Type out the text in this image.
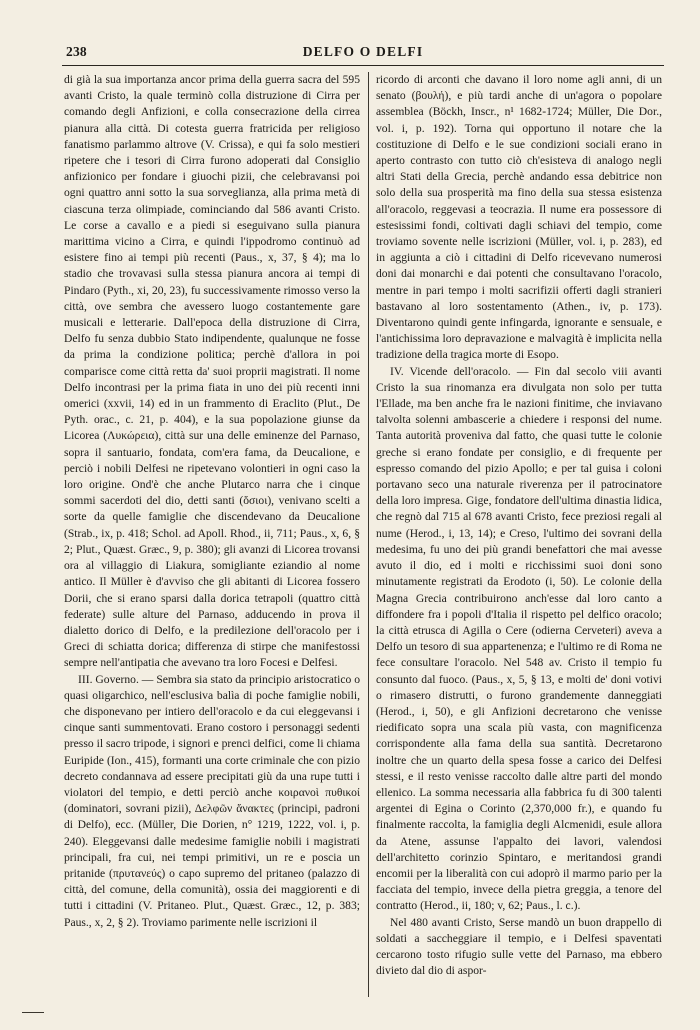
238	DELFO O DELFI

di già la sua importanza ancor prima della guerra sacra del 595 avanti Cristo, la quale terminò colla distruzione di Cirra per comando degli Anfizioni, e colla consecrazione della cirrea pianura alla città. Di cotesta guerra fratricida per religioso fanatismo parlammo altrove (V. Crissa), e qui fa solo mestieri ripetere che i tesori di Cirra furono adoperati dal Consiglio anfizionico per fondare i giuochi pizii, che celebravansi poi ogni quattro anni sotto la sua sorveglianza, alla prima metà di ciascuna terza olimpiade, cominciando dal 586 avanti Cristo. Le corse a cavallo e a piedi si eseguivano sulla pianura marittima vicino a Cirra, e quindi l'ippodromo continuò ad esistere fino ai tempi più recenti (Paus., x, 37, § 4); ma lo stadio che trovavasi sulla stessa pianura ancora ai tempi di Pindaro (Pyth., xi, 20, 23), fu successivamente rimosso verso la città, ove sembra che avessero luogo costantemente gare musicali e letterarie. Dall'epoca della distruzione di Cirra, Delfo fu senza dubbio Stato indipendente, qualunque ne fosse da prima la condizione politica; perchè d'allora in poi comparisce come città retta da' suoi proprii magistrati. Il nome Delfo incontrasi per la prima fiata in uno dei più recenti inni omerici (xxvii, 14) ed in un frammento di Eraclito (Plut., De Pyth. orac., c. 21, p. 404), e la sua popolazione giunse da Licorea (Λυκώρεια), città sur una delle eminenze del Parnaso, sopra il santuario, fondata, com'era fama, da Deucalione, e perciò i nobili Delfesi ne ripetevano volontieri in ogni caso la loro origine. Ond'è che anche Plutarco narra che i cinque sommi sacerdoti del dio, detti santi (ὅσιοι), venivano scelti a sorte da quelle famiglie che discendevano da Deucalione (Strab., ix, p. 418; Schol. ad Apoll. Rhod., ii, 711; Paus., x, 6, § 2; Plut., Quæst. Græc., 9, p. 380); gli avanzi di Licorea trovansi ora al villaggio di Liakura, somigliante eziandio al nome antico. Il Müller è d'avviso che gli abitanti di Licorea fossero Dorii, che si erano sparsi dalla dorica tetrapoli (quattro città federate) sulle alture del Parnaso, adducendo in prova il dialetto dorico di Delfo, e la predilezione dell'oracolo per i Greci di schiatta dorica; differenza di stirpe che manifestossi sempre nell'antipatia che avevano tra loro Focesi e Delfesi.

III. Governo. — Sembra sia stato da principio aristocratico o quasi oligarchico, nell'esclusiva balìa di poche famiglie nobili, che disponevano per intiero dell'oracolo e da cui eleggevansi i cinque santi summentovati. Erano costoro i personaggi sedenti presso il sacro tripode, i signori e prenci delfici, come li chiama Euripide (Ion., 415), formanti una corte criminale che con pizio decreto condannava ad essere precipitati giù da una rupe tutti i violatori del tempio, e detti perciò anche κοιρανοὶ πυθικοί (dominatori, sovrani pizii), Δελφῶν ἄνακτες (principi, padroni di Delfo), ecc. (Müller, Die Dorien, n° 1219, 1222, vol. i, p. 240). Eleggevansi dalle medesime famiglie nobili i magistrati principali, fra cui, nei tempi primitivi, un re e poscia un pritanide (πρυτανεύς) o capo supremo del pritaneo (palazzo di città, del comune, della comunità), ossia dei maggiorenti e di tutti i cittadini (V. Pritaneo. Plut., Quæst. Græc., 12, p. 383; Paus., x, 2, § 2). Troviamo parimente nelle iscrizioni il

ricordo di arconti che davano il loro nome agli anni, di un senato (βουλή), e più tardi anche di un'agora o popolare assemblea (Böckh, Inscr., n¹ 1682-1724; Müller, Die Dor., vol. i, p. 192). Torna qui opportuno il notare che la costituzione di Delfo e le sue condizioni sociali erano in aperto contrasto con tutto ciò ch'esisteva di analogo negli altri Stati della Grecia, perchè andando essa debitrice non solo della sua prosperità ma fino della sua stessa esistenza all'oracolo, reggevasi a teocrazia. Il nume era possessore di estesissimi fondi, coltivati dagli schiavi del tempio, come troviamo sovente nelle iscrizioni (Müller, vol. i, p. 283), ed in aggiunta a ciò i cittadini di Delfo ricevevano numerosi doni dai monarchi e dai potenti che consultavano l'oracolo, mentre in pari tempo i molti sacrifizii offerti dagli stranieri bastavano al loro sostentamento (Athen., iv, p. 173). Diventarono quindi gente infingarda, ignorante e sensuale, e l'antichissima loro depravazione e malvagità è implicita nella tradizione della tragica morte di Esopo.

IV. Vicende dell'oracolo. — Fin dal secolo viii avanti Cristo la sua rinomanza era divulgata non solo per tutta l'Ellade, ma ben anche fra le nazioni finitime, che inviavano talvolta solenni ambascerie a chiedere i responsi del nume. Tanta autorità proveniva dal fatto, che quasi tutte le colonie greche si erano fondate per consiglio, e di frequente per espresso comando del pizio Apollo; e per tal guisa i coloni portavano seco una naturale riverenza per il patrocinatore della loro impresa. Gige, fondatore dell'ultima dinastia lidica, che regnò dal 715 al 678 avanti Cristo, fece preziosi regali al nume (Herod., i, 13, 14); e Creso, l'ultimo dei sovrani della medesima, fu uno dei più grandi benefattori che mai avesse avuto il dio, ed i molti e ricchissimi suoi doni sono minutamente registrati da Erodoto (i, 50). Le colonie della Magna Grecia contribuirono anch'esse dal loro canto a diffondere fra i popoli d'Italia il rispetto pel delfico oracolo; la città etrusca di Agilla o Cere (odierna Cerveteri) aveva a Delfo un tesoro di sua appartenenza; e l'ultimo re di Roma ne fece consultare l'oracolo. Nel 548 av. Cristo il tempio fu consunto dal fuoco. (Paus., x, 5, § 13, e molti de' doni votivi o rimasero distrutti, o furono grandemente danneggiati (Herod., i, 50), e gli Anfizioni decretarono che venisse riedificato sopra una scala più vasta, con magnificenza corrispondente alla fama della sua santità. Decretarono inoltre che un quarto della spesa fosse a carico dei Delfesi stessi, e il resto venisse raccolto dalle altre parti del mondo ellenico. La somma necessaria alla fabbrica fu di 300 talenti argentei di Egina o Corinto (2,370,000 fr.), e quando fu finalmente raccolta, la famiglia degli Alcmenidi, esule allora da Atene, assunse l'appalto dei lavori, valendosi dell'architetto corinzio Spintaro, e meritandosi grandi encomii per la liberalità con cui adoprò il marmo pario per la facciata del tempio, invece della pietra greggia, a tenore del contratto (Herod., ii, 180; v, 62; Paus., l. c.).

Nel 480 avanti Cristo, Serse mandò un buon drappello di soldati a saccheggiare il tempio, e i Delfesi spaventati cercarono tosto rifugio sulle vette del Parnaso, ma ebbero divieto dal dio di aspor-
